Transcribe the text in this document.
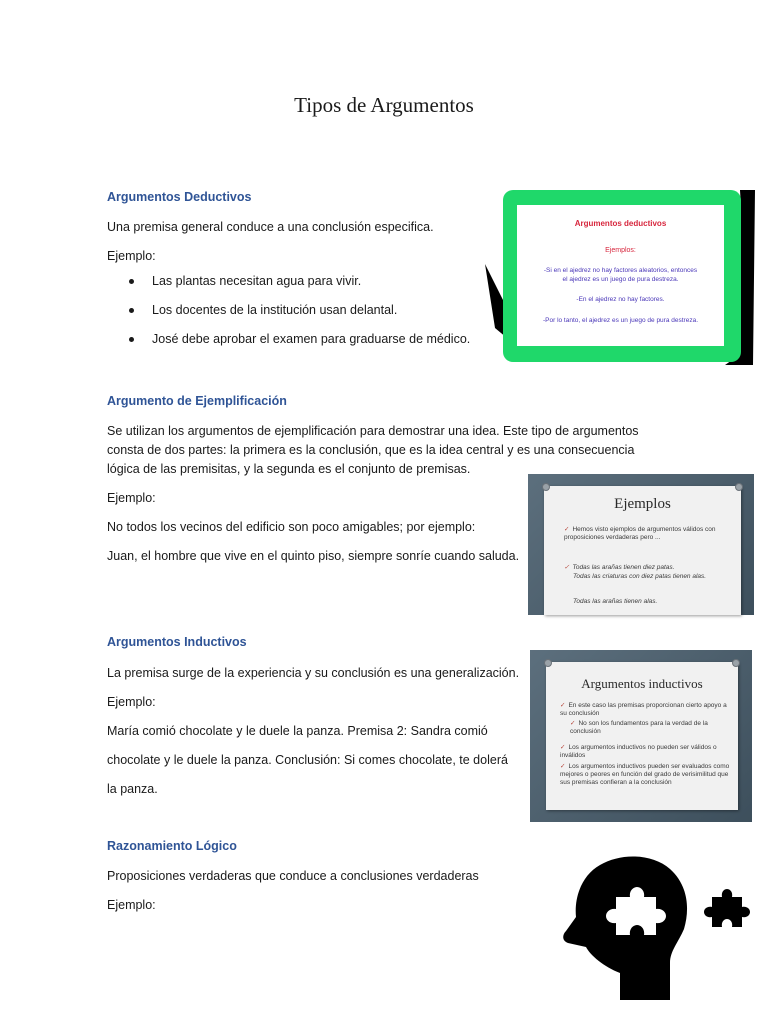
Tipos de Argumentos
Argumentos Deductivos
Una premisa general conduce a una conclusión especifica.
Ejemplo:
Las plantas necesitan agua para vivir.
Los docentes de la institución usan delantal.
José debe aprobar el examen para graduarse de médico.
Argumentos deductivos
Ejemplos:
-Si en el ajedrez no hay factores aleatorios, entonces
el ajedrez es un juego de pura destreza.
-En el ajedrez no hay factores.
-Por lo tanto, el ajedrez es un juego de pura destreza.
Argumento de Ejemplificación
Se utilizan los argumentos de ejemplificación para demostrar una idea. Este tipo de argumentos
consta de dos partes: la primera es la conclusión, que es la idea central y es una consecuencia
lógica de las premisitas, y la segunda es el conjunto de premisas.
Ejemplo:
No todos los vecinos del edificio son poco amigables; por ejemplo:
Juan, el hombre que vive en el quinto piso, siempre sonríe cuando saluda.
Ejemplos
✓ Hemos visto ejemplos de argumentos válidos con proposiciones verdaderas pero ...
✓ Todas las arañas tienen diez patas.
Todas las criaturas con diez patas tienen alas.
Todas las arañas tienen alas.
Argumentos Inductivos
La premisa surge de la experiencia y su conclusión es una generalización.
Ejemplo:
María comió chocolate y le duele la panza. Premisa 2: Sandra comió
chocolate y le duele la panza. Conclusión: Si comes chocolate, te dolerá
la panza.
Argumentos inductivos
✓ En este caso las premisas proporcionan cierto apoyo a su conclusión
✓ No son los fundamentos para la verdad de la conclusión
✓ Los argumentos inductivos no pueden ser válidos o inválidos
✓ Los argumentos inductivos pueden ser evaluados como mejores o peores en función del grado de verisimilitud que sus premisas confieran a la conclusión
Razonamiento Lógico
Proposiciones verdaderas que conduce a conclusiones verdaderas
Ejemplo:
